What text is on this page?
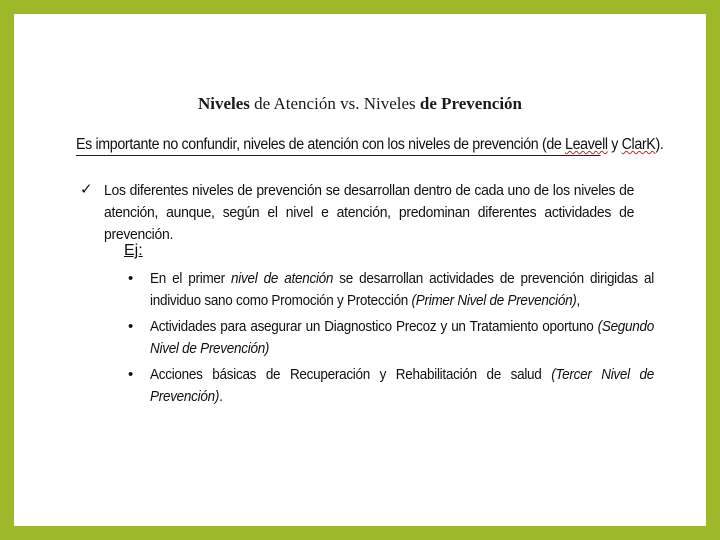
Niveles de Atención vs. Niveles de Prevención
Es importante no confundir, niveles de atención con los niveles de prevención (de Leavell y ClarK).
✓ Los diferentes niveles de prevención se desarrollan dentro de cada uno de los niveles de atención, aunque, según el nivel e atención, predominan diferentes actividades de prevención.
Ej:
• En el primer nivel de atención se desarrollan actividades de prevención dirigidas al individuo sano como Promoción y Protección (Primer Nivel de Prevención),
• Actividades para asegurar un Diagnostico Precoz y un Tratamiento oportuno (Segundo Nivel de Prevención)
• Acciones básicas de Recuperación y Rehabilitación de salud (Tercer Nivel de Prevención).
